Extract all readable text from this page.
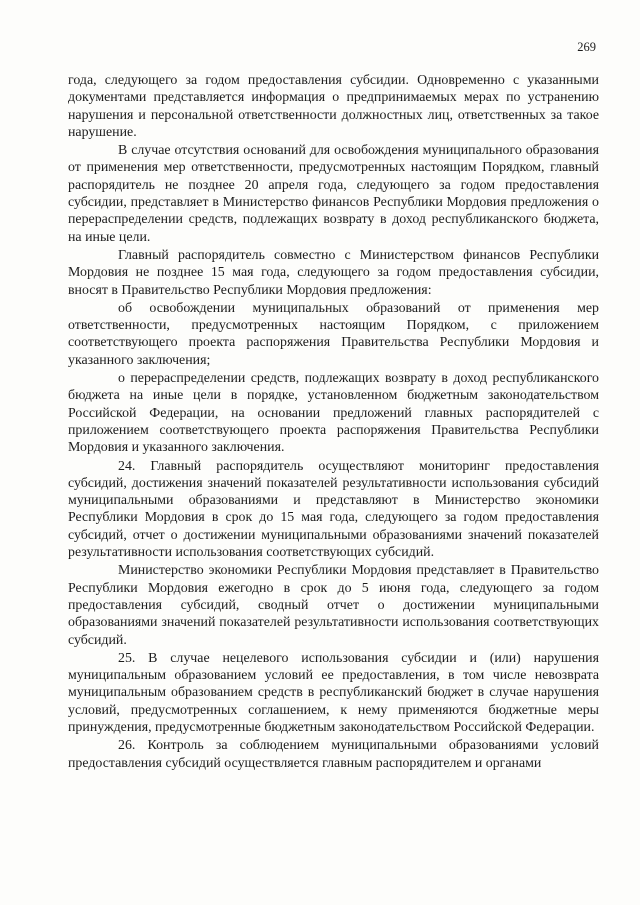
269

года, следующего за годом предоставления субсидии. Одновременно с указанными документами представляется информация о предпринимаемых мерах по устранению нарушения и персональной ответственности должностных лиц, ответственных за такое нарушение.

В случае отсутствия оснований для освобождения муниципального образования от применения мер ответственности, предусмотренных настоящим Порядком, главный распорядитель не позднее 20 апреля года, следующего за годом предоставления субсидии, представляет в Министерство финансов Республики Мордовия предложения о перераспределении средств, подлежащих возврату в доход республиканского бюджета, на иные цели.

Главный распорядитель совместно с Министерством финансов Республики Мордовия не позднее 15 мая года, следующего за годом предоставления субсидии, вносят в Правительство Республики Мордовия предложения:

об освобождении муниципальных образований от применения мер ответственности, предусмотренных настоящим Порядком, с приложением соответствующего проекта распоряжения Правительства Республики Мордовия и указанного заключения;

о перераспределении средств, подлежащих возврату в доход республиканского бюджета на иные цели в порядке, установленном бюджетным законодательством Российской Федерации, на основании предложений главных распорядителей с приложением соответствующего проекта распоряжения Правительства Республики Мордовия и указанного заключения.

24. Главный распорядитель осуществляют мониторинг предоставления субсидий, достижения значений показателей результативности использования субсидий муниципальными образованиями и представляют в Министерство экономики Республики Мордовия в срок до 15 мая года, следующего за годом предоставления субсидий, отчет о достижении муниципальными образованиями значений показателей результативности использования соответствующих субсидий.

Министерство экономики Республики Мордовия представляет в Правительство Республики Мордовия ежегодно в срок до 5 июня года, следующего за годом предоставления субсидий, сводный отчет о достижении муниципальными образованиями значений показателей результативности использования соответствующих субсидий.

25. В случае нецелевого использования субсидии и (или) нарушения муниципальным образованием условий ее предоставления, в том числе невозврата муниципальным образованием средств в республиканский бюджет в случае нарушения условий, предусмотренных соглашением, к нему применяются бюджетные меры принуждения, предусмотренные бюджетным законодательством Российской Федерации.

26. Контроль за соблюдением муниципальными образованиями условий предоставления субсидий осуществляется главным распорядителем и органами
